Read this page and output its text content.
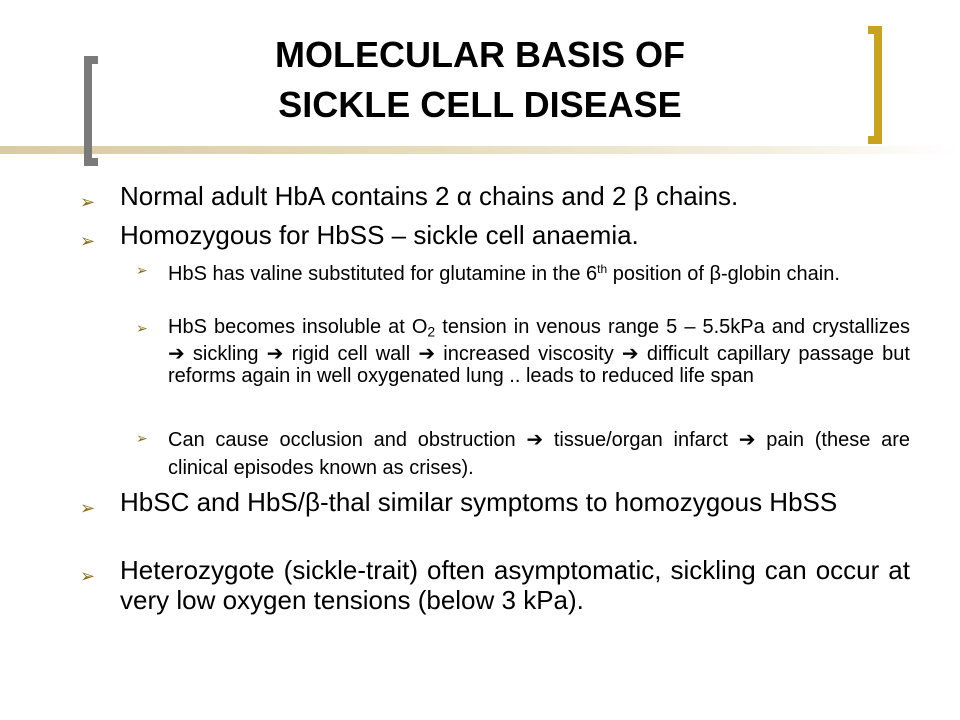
MOLECULAR BASIS OF
SICKLE CELL DISEASE
➢ Normal adult HbA contains 2 α chains and 2 β chains.
➢ Homozygous for HbSS – sickle cell anaemia.
➢ HbS has valine substituted for glutamine in the 6th position of β-globin chain.
➢ HbS becomes insoluble at $O_2$ tension in venous range 5 – 5.5kPa and crystallizes ➔ sickling ➔ rigid cell wall ➔ increased viscosity ➔ difficult capillary passage but reforms again in well oxygenated lung .. leads to reduced life span
➢ Can cause occlusion and obstruction ➔ tissue/organ infarct ➔ pain (these are clinical episodes known as crises).
➢ HbSC and HbS/β-thal similar symptoms to homozygous HbSS
➢ Heterozygote (sickle-trait) often asymptomatic, sickling can occur at very low oxygen tensions (below 3 kPa).
